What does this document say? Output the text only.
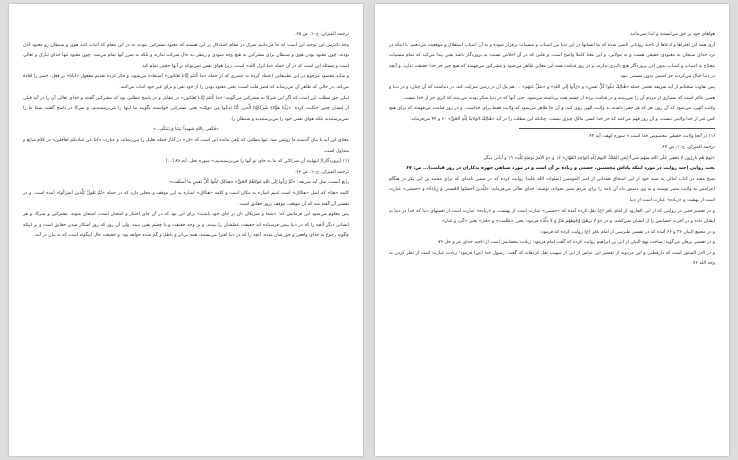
ترجمه الميزان، ج۱۰، ص ۶۵.

وجه تاثيرش اين توجيه اين است كه ما مي‌دانيم شرک در مقام استدلال بر اين هستند كه معبود مشركين نبودند نه در اين مقام كه اثبات كنند هوى و شيطان رو معبود آنان بودند، چون معبود بودن هوى و شيطان براى مشركين به هيچ وجه سودى و ربطى به حال شركت ندارند و بلكه به ضرر آنها تمام مي‌شد. چون معبود تنها خداى تبارک و تعالى است و مسئله اين است كه در آن جمله «ما انزل الله» است، زيرا هواى نفس نمي‌تواند بر آنها حجتى تمام كند.

و شايد مقصود مرحوم در اين تطبيقاتى اعتماد كرده به حصرى كه از جمله «ما كُنتُم إيّانا تَعبُدُون» استفاده مي‌شود، و فكر كرده تقديم مفعول «ايانا» بر فعل، حصر را افاده مي‌كند. در حالى كه ظاهر آن مي‌رساند كه قصر قلب است، يعنى معبود بودن را از خود نفى و براى غير خود اثبات مي‌كنند.

ليكن حق مطلب اين است كه اگر اين شرکا به مشركين مي‌گويند: «ما كُنتُم إيّانا تَعبُدُون» در مقابل و در پاسخ مطلبى بود كه مشركين گفتند و خداى تعالى آن را در آيه قبلى از ايشان چنين حكايت كرده: «رَبَّنا هؤُلاءِ شُرَكاؤُنَا الَّذينَ كُنّا نَدعُوا مِن دونِك» يعنى مشركين خواستند بگويند ما اينها را مي‌پرستيديم، و شرکا در پاسخ گفتند شما ما را نمي‌پرستيديد بلكه هواى نفس خود را مي‌پرستيديد و شيطان را.

«فَكَفى بِاللهِ شَهيداً بَينَنا وَ بَينَكُم...»

معناى اين آيه با بيان گذشته ما روشن شد. تنها مطلبى كه باقى مانده اين است كه «ان» در آغاز جمله تعليل را مي‌رساند، و عبارت «كنا عن عبادتكم لغافلين» در كلام شايع و متداول است.

(۱) [پروردگارا] اينهايند آن شركائي كه ما به جاى تو آنها را مي‌پرستيديم.» سوره نحل، آيه ۸۶ [...]

ترجمه الميزان، ج۱۰، ص ۶۶.

رابع آنست، مثل آيه شريفه: «ثُمَّ رُدُّوا إلى اللهِ مَولاهُمُ الحَقِّ» «هنالک تَبلُوا كُلُّ نَفسٍ ما أسلَفَت»

كلمه «هنا» كه اصل «هنالک» است اسم اشاره به مكان است و كلمه «هنالک» اشاره به اين موقف و محلى دارد كه در جمله «ثُمَّ نَقُولُ لِلَّذينَ أشرَكُوا» آمده است، و در تفسير آن گفته شد كه آن موقف، موقف بروز حقايق است.

پس معلوم مي‌شود اين فرمايش كه: «شما و شريكان تان بر جاى خود باشيد» براى اين بود كه در آن جاى اختيار و امتحان است، امتحان شوند. مشركين و شركا، و هر انسانى ديگر آنچه را كه در دنيا پيش فرستاده اند حقيقت عملشان را ببينند، و بر وجه حقيقت و با چشم يقين ببيند. ولى آن روز كه روز آشكار شدن حقايق است و بر اينكه چگونه رجوع به خداى واقعى و حق شان شده، آنچه را كه در دنيا افترا مي‌بستند، همه بي‌اثر و باطل و گم شده خواهد بود، و حقيقت حال اينگونه است كه به بيان در آمد.

هواهاى خود بر حق مي‌ايستند و ابدا نمي‌مانند.

آرى همه اين افتراها و ادعاها از ناحيه رواياتى ناشى شده كه ما انسانها در اين دنيا بين اسباب و مسببات برقرار نموده و به آن اسباب استقلال و موقعيت مي‌دهيم، با اينكه در نزد خداى سبحان نه معبودى حقيقى هست و نه مولايى، و اين معنا كاملا واضح است. و قلبى كه در آن اخلاص نسبت به پروردگار باشد يقين پيدا مي‌كند كه تمام مسببات محتاج به اسباب و اسباب بدون اذن پروردگار هيچ تاثيرى ندارند، و در روز قيامت همه اين معانى ظاهر مي‌شود و مشركين مي‌فهمند كه هيچ چيز جز خدا حقيقت ندارد، و آنچه در دنيا خيال مي‌كردند جز اسمى بدون مسمى نبود.

پس تفاوت سخنانم از آيه شريفه بعضى جمله «هُنالِكَ تَبلُوا كُلُّ نَفسٍ» و «رُدُّوا إلَى اللهِ» و «ضَلَّ عَنهُم» ... هم يک آن در زمين سرايت كند، در دنياست كه آن چنان، و در دنيا و همين عالم است كه بسيارى از مردم آن را نمي‌بينند و در قيامت پرده از چشم همه برداشته مي‌شود، حتى آنها كه در دنيا منكر بودند مي‌بينند كه اثرى جز از خدا نيست.

ولايت الهى، مي‌شود كه آن روز، هر كه هر حقى داشته به ولايت الهى روى كند، و آن جا ظاهر مي‌شود كه ولايت فقط براى خداست. و در روز قيامت مي‌فهمند كه براى هيچ كس غير از خدا ولايتى نيست، و آن روز فهم مي‌كنند كه جز خدا كسى مالک چيزى نيست، چنانكه اين مطلب را در آيه «هُنالِكَ الوَلايَةُ لِلّهِ الحَقِّ» ۶۰ و ۴۴ مي‌فرمايد:

(۱) در آنجا ولايت حقيقى مخصوص خدا است.» سوره كهف، آيه ۴۴.

ترجمه الميزان، ج۱۰، ص ۶۷.

«يَومَ هُم بارِزُونَ لا يَخفى عَلَى اللهِ مِنهُم شَيءٌ لِمَنِ المُلكُ اليَومَ لِلّهِ الواحِدِ القَهّارِ» ۱۶ و «وَ الأمرُ يَومَئِذٍ لِلّهِ» ۱۹ و آياتى ديگر.

بحث روايى (چند روايت در مورد اينكه پاداش محسنين، حسنى و زياده بر آن است و در مورد سياهى چهره بدكاران در روز قيامت)... ص: ۶۷

شيخ مفيد در كتاب امالى به سند خود از ابى اسحاق همدانى از امير المومنين (صلوات الله عليه) روايت كرده كه در ضمن نامه‌اى كه براى محمد بن ابى بكر در هنگام اعزامش به ولايت مصر نوشته و به وى دستور داد آن نامه را براى مردم مصر بخواند، نوشته: خداى تعالى مي‌فرمايد: «لِلَّذينَ أحسَنُوا الحُسنى وَ زِيادَةٌ» و «حسنى» عبارت است از بهشت و «زياده» عبارت است از دنيا.

و در تفسير قمى در روايتى كه از ابى الجارود از امام باقر (ع) نقل كرده آمده كه «حسنى» عبارت است از بهشت، و «زياده» عبارت است از نعمتهاى دنيا كه خدا در دنيا به ايشان داده و در آخرت حسابش را از ايشان نمي‌كشد. و در «وَ لا يَرهَقُ وُجُوهَهُم قَتَرٌ وَ لا ذِلَّةٌ» فرمود: يعنى «ظلمت» و «قتر» يعنى «گرد و غبار».

و در مجمع البيان ۳۶ و ۶۶ آمده كه در تفسير طبرسى از امام باقر (ع) روايت كرده كه فرمود:

و در تفسير برهان مي‌گويد: صاحب نهج البيان از ابى بن ابراهيم روايت كرده كه گفت امام فرمود: زيادت بخشايش است از ناحيه خداى عز و جل ۷۶.

و در الدر المنثور است كه دارقطنى و ابن مردويه از تفسير ابن عباس از ابى از سهيب نقل كردهاند كه گفت: رسول خدا (ص) فرمود: زيادت عبارت است از نظر كردن به وجه الله ۷۶.
